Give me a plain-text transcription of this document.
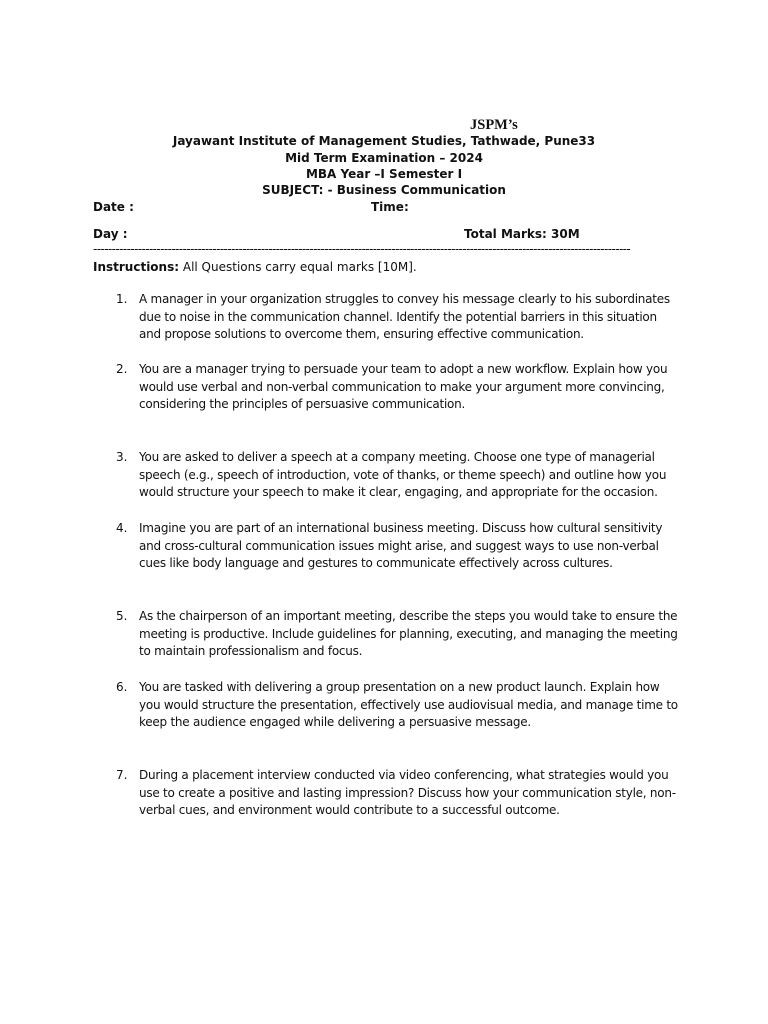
JSPM’s
Jayawant Institute of Management Studies, Tathwade, Pune33
Mid Term Examination – 2024
MBA Year –I Semester I
SUBJECT: - Business Communication
Date :	Time:
Day :	Total Marks: 30M
------------------------------------------------------------------------------------------------------------------------------------------------
Instructions: All Questions carry equal marks [10M].
1. A manager in your organization struggles to convey his message clearly to his subordinates due to noise in the communication channel. Identify the potential barriers in this situation and propose solutions to overcome them, ensuring effective communication.
2. You are a manager trying to persuade your team to adopt a new workflow. Explain how you would use verbal and non-verbal communication to make your argument more convincing, considering the principles of persuasive communication.
3. You are asked to deliver a speech at a company meeting. Choose one type of managerial speech (e.g., speech of introduction, vote of thanks, or theme speech) and outline how you would structure your speech to make it clear, engaging, and appropriate for the occasion.
4. Imagine you are part of an international business meeting. Discuss how cultural sensitivity and cross-cultural communication issues might arise, and suggest ways to use non-verbal cues like body language and gestures to communicate effectively across cultures.
5. As the chairperson of an important meeting, describe the steps you would take to ensure the meeting is productive. Include guidelines for planning, executing, and managing the meeting to maintain professionalism and focus.
6. You are tasked with delivering a group presentation on a new product launch. Explain how you would structure the presentation, effectively use audiovisual media, and manage time to keep the audience engaged while delivering a persuasive message.
7. During a placement interview conducted via video conferencing, what strategies would you use to create a positive and lasting impression? Discuss how your communication style, non-verbal cues, and environment would contribute to a successful outcome.
